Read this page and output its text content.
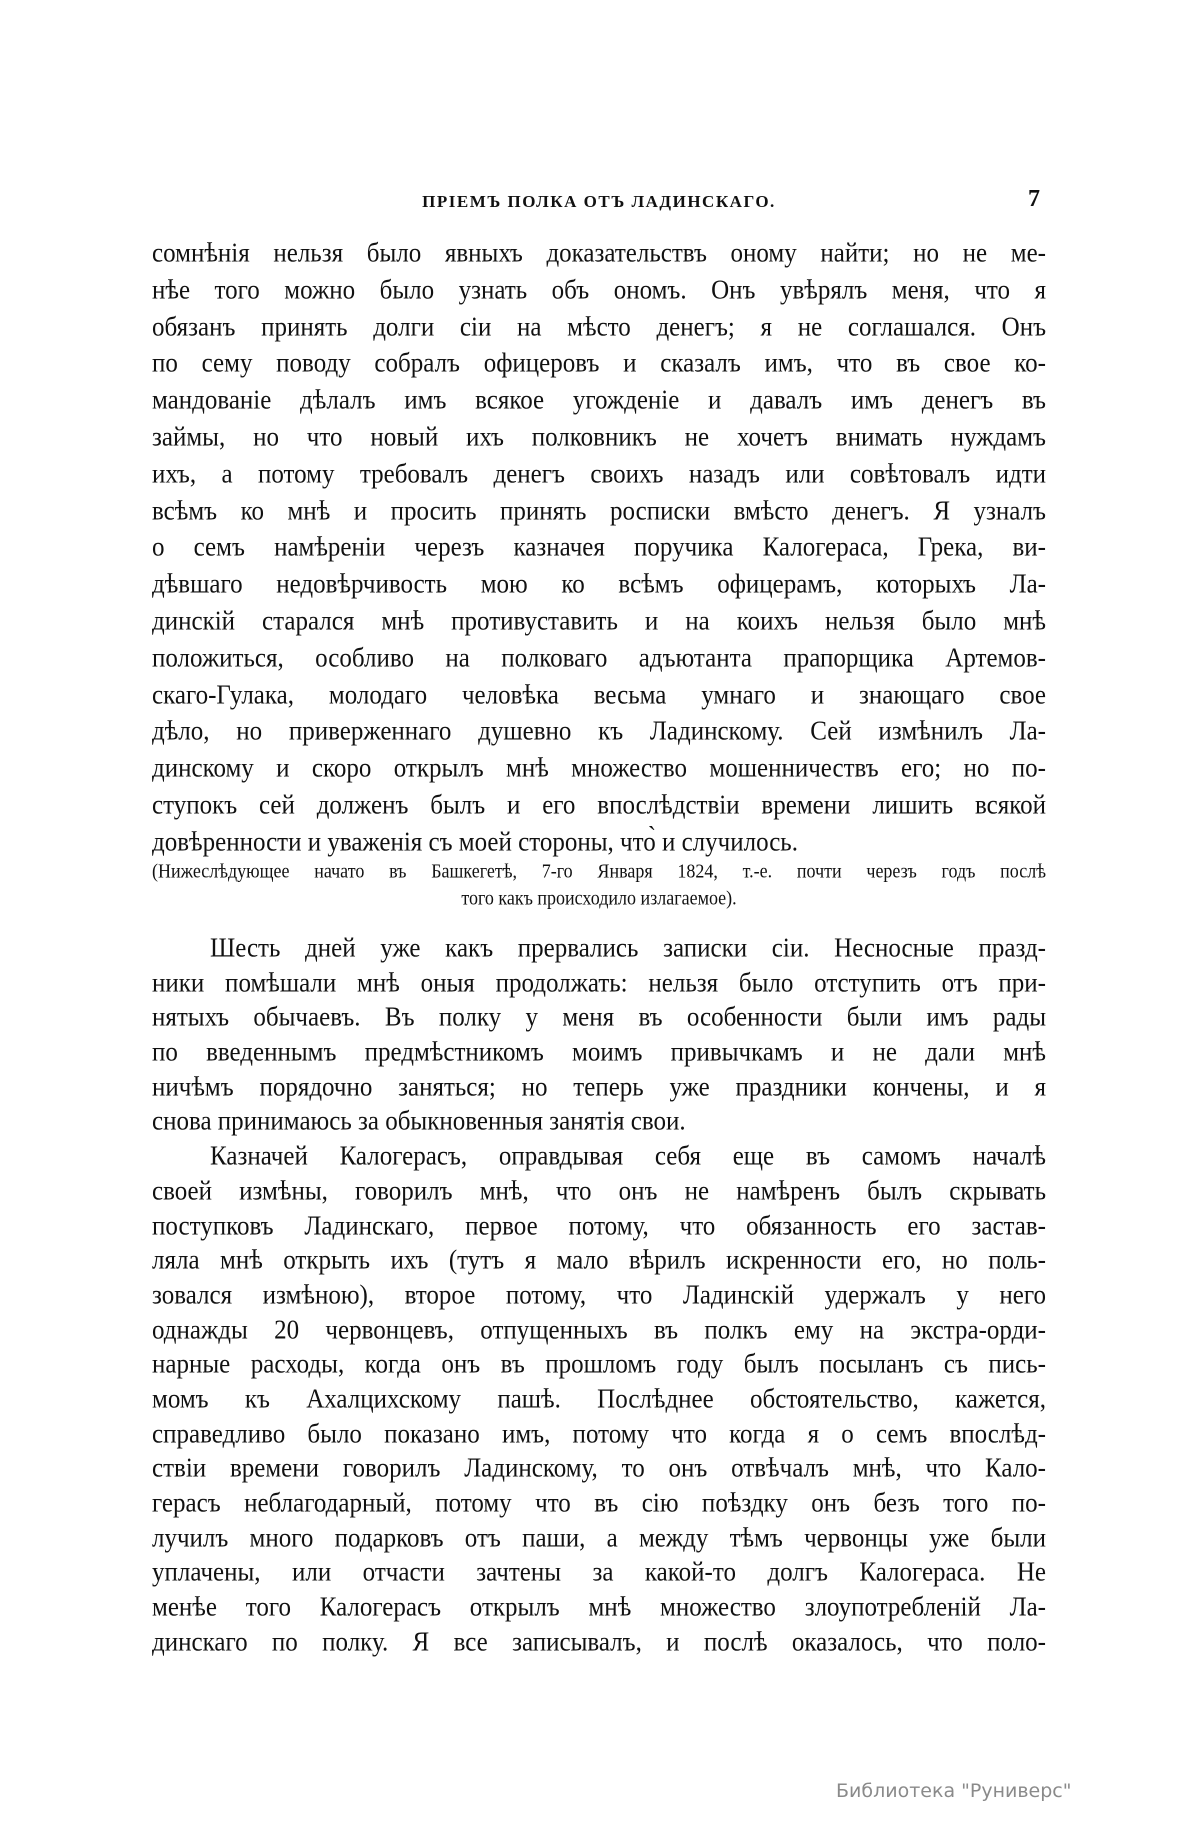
ПРІЕМЪ ПОЛКА ОТЪ ЛАДИНСКАГО.	7
сомнѣнія нельзя было явныхъ доказательствъ оному найти; но не ме-
нѣе того можно было узнать объ ономъ. Онъ увѣрялъ меня, что я
обязанъ принять долги сіи на мѣсто денегъ; я не соглашался. Онъ
по сему поводу собралъ офицеровъ и сказалъ имъ, что въ свое ко-
мандованіе дѣлалъ имъ всякое угожденіе и давалъ имъ денегъ въ
займы, но что новый ихъ полковникъ не хочетъ внимать нуждамъ
ихъ, а потому требовалъ денегъ своихъ назадъ или совѣтовалъ идти
всѣмъ ко мнѣ и просить принять росписки вмѣсто денегъ. Я узналъ
о семъ намѣреніи черезъ казначея поручика Калогераса, Грека, ви-
дѣвшаго недовѣрчивость мою ко всѣмъ офицерамъ, которыхъ Ла-
динскій старался мнѣ противуставить и на коихъ нельзя было мнѣ
положиться, особливо на полковаго адъютанта прапорщика Артемов-
скаго-Гулака, молодаго человѣка весьма умнаго и знающаго свое
дѣло, но приверженнаго душевно къ Ладинскому. Сей измѣнилъ Ла-
динскому и скоро открылъ мнѣ множество мошенничествъ его; но по-
ступокъ сей долженъ былъ и его впослѣдствіи времени лишить всякой
довѣренности и уваженія съ моей стороны, что̀ и случилось.
(Нижеслѣдующее начато въ Башкегетѣ, 7-го Января 1824, т.-е. почти черезъ годъ послѣ
того какъ происходило излагаемое).
Шесть дней уже какъ прервались записки сіи. Несносные празд-
ники помѣшали мнѣ оныя продолжать: нельзя было отступить отъ при-
нятыхъ обычаевъ. Въ полку у меня въ особенности были имъ рады
по введеннымъ предмѣстникомъ моимъ привычкамъ и не дали мнѣ
ничѣмъ порядочно заняться; но теперь уже праздники кончены, и я
снова принимаюсь за обыкновенныя занятія свои.
Казначей Калогерасъ, оправдывая себя еще въ самомъ началѣ
своей измѣны, говорилъ мнѣ, что онъ не намѣренъ былъ скрывать
поступковъ Ладинскаго, первое потому, что обязанность его застав-
ляла мнѣ открыть ихъ (тутъ я мало вѣрилъ искренности его, но поль-
зовался измѣною), второе потому, что Ладинскій удержалъ у него
однажды 20 червонцевъ, отпущенныхъ въ полкъ ему на экстра-орди-
нарные расходы, когда онъ въ прошломъ году былъ посыланъ съ пись-
момъ къ Ахалцихскому пашѣ. Послѣднее обстоятельство, кажется,
справедливо было показано имъ, потому что когда я о семъ впослѣд-
ствіи времени говорилъ Ладинскому, то онъ отвѣчалъ мнѣ, что Кало-
герасъ неблагодарный, потому что въ сію поѣздку онъ безъ того по-
лучилъ много подарковъ отъ паши, а между тѣмъ червонцы уже были
уплачены, или отчасти зачтены за какой-то долгъ Калогераса. Не
менѣе того Калогерасъ открылъ мнѣ множество злоупотребленій Ла-
динскаго по полку. Я все записывалъ, и послѣ оказалось, что поло-
Библиотека "Руниверс"
